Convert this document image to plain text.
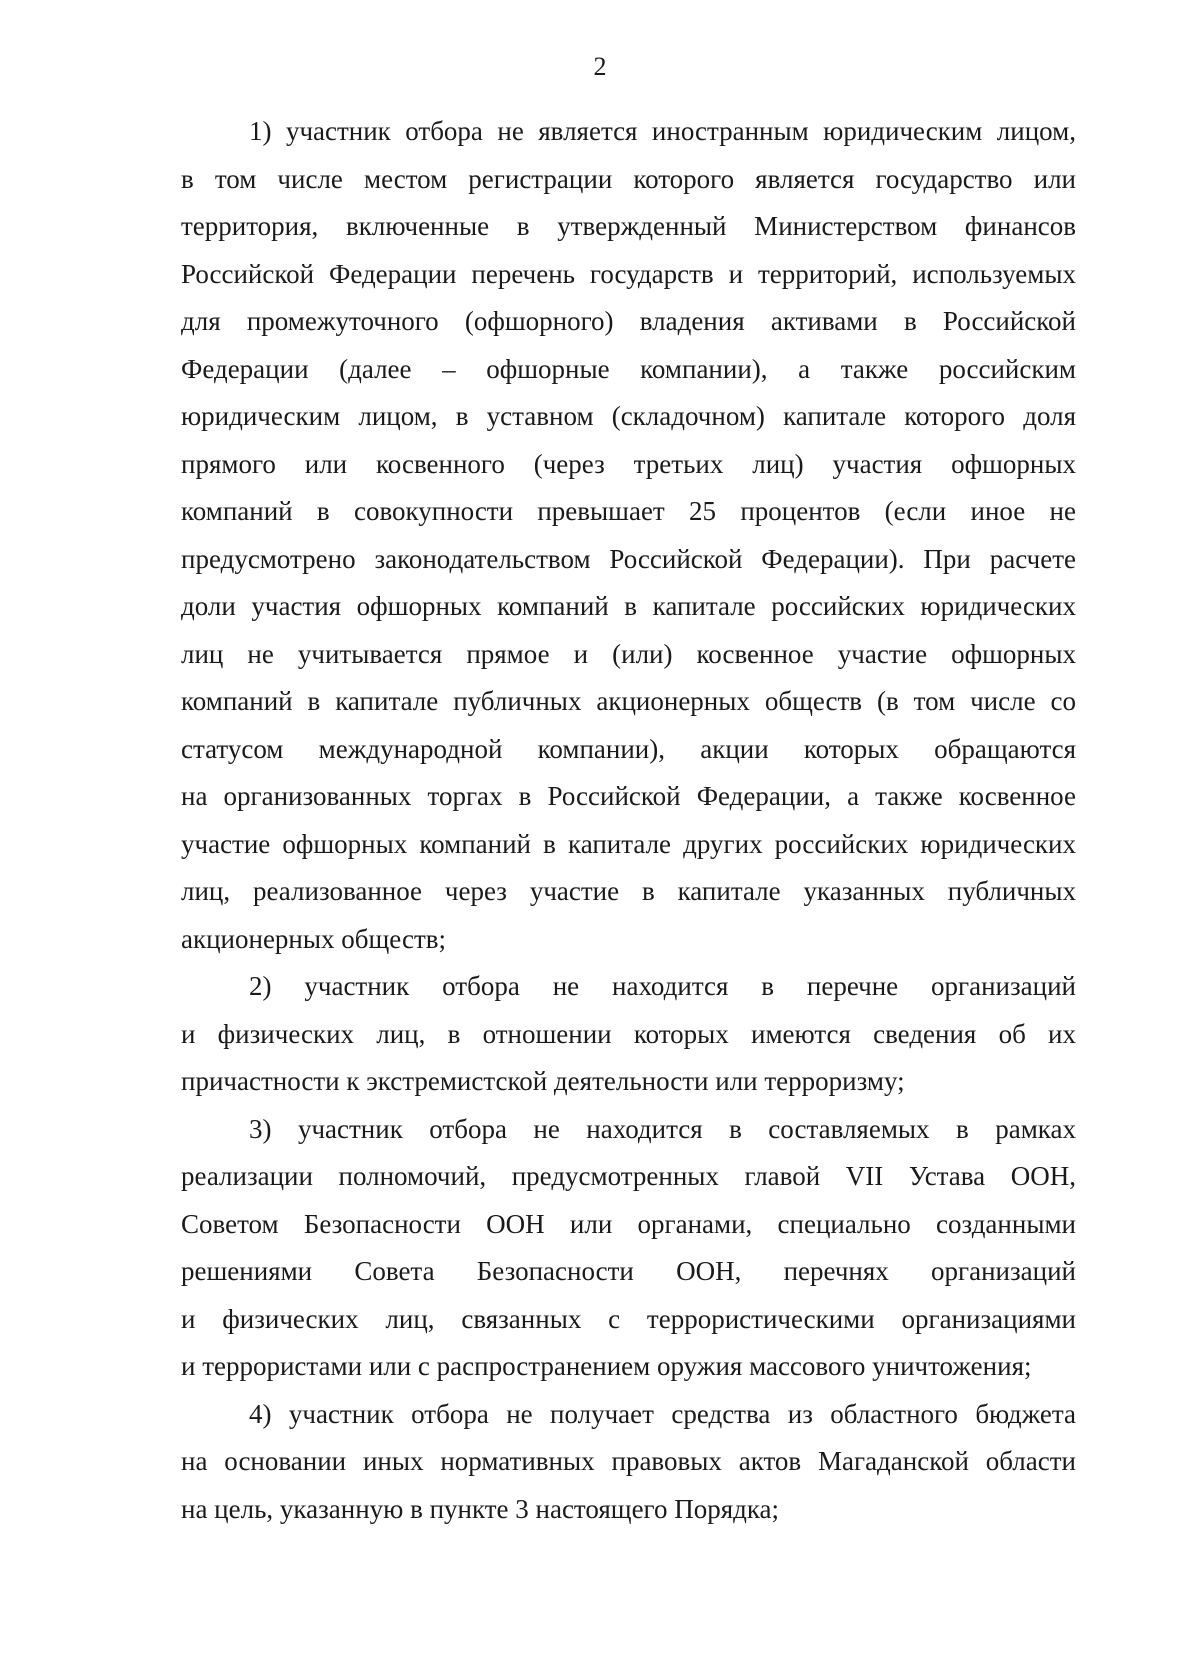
2
1) участник отбора не является иностранным юридическим лицом,
в том числе местом регистрации которого является государство или
территория, включенные в утвержденный Министерством финансов
Российской Федерации перечень государств и территорий, используемых
для промежуточного (офшорного) владения активами в Российской
Федерации (далее – офшорные компании), а также российским
юридическим лицом, в уставном (складочном) капитале которого доля
прямого или косвенного (через третьих лиц) участия офшорных
компаний в совокупности превышает 25 процентов (если иное не
предусмотрено законодательством Российской Федерации). При расчете
доли участия офшорных компаний в капитале российских юридических
лиц не учитывается прямое и (или) косвенное участие офшорных
компаний в капитале публичных акционерных обществ (в том числе со
статусом международной компании), акции которых обращаются
на организованных торгах в Российской Федерации, а также косвенное
участие офшорных компаний в капитале других российских юридических
лиц, реализованное через участие в капитале указанных публичных
акционерных обществ;
2) участник отбора не находится в перечне организаций
и физических лиц, в отношении которых имеются сведения об их
причастности к экстремистской деятельности или терроризму;
3) участник отбора не находится в составляемых в рамках
реализации полномочий, предусмотренных главой VII Устава ООН,
Советом Безопасности ООН или органами, специально созданными
решениями Совета Безопасности ООН, перечнях организаций
и физических лиц, связанных с террористическими организациями
и террористами или с распространением оружия массового уничтожения;
4) участник отбора не получает средства из областного бюджета
на основании иных нормативных правовых актов Магаданской области
на цель, указанную в пункте 3 настоящего Порядка;
